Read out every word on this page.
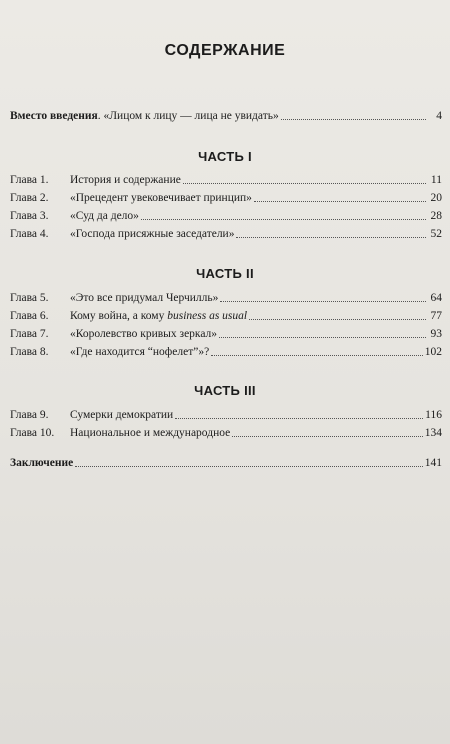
СОДЕРЖАНИЕ
Вместо введения. «Лицом к лицу — лица не увидать»	4
ЧАСТЬ I
Глава 1.	История и содержание	11
Глава 2.	«Прецедент увековечивает принцип»	20
Глава 3.	«Суд да дело»	28
Глава 4.	«Господа присяжные заседатели»	52
ЧАСТЬ II
Глава 5.	«Это все придумал Черчилль»	64
Глава 6.	Кому война, а кому business as usual	77
Глава 7.	«Королевство кривых зеркал»	93
Глава 8.	«Где находится “нофелет”»?	102
ЧАСТЬ III
Глава 9.	Сумерки демократии	116
Глава 10.	Национальное и международное	134
Заключение	141
